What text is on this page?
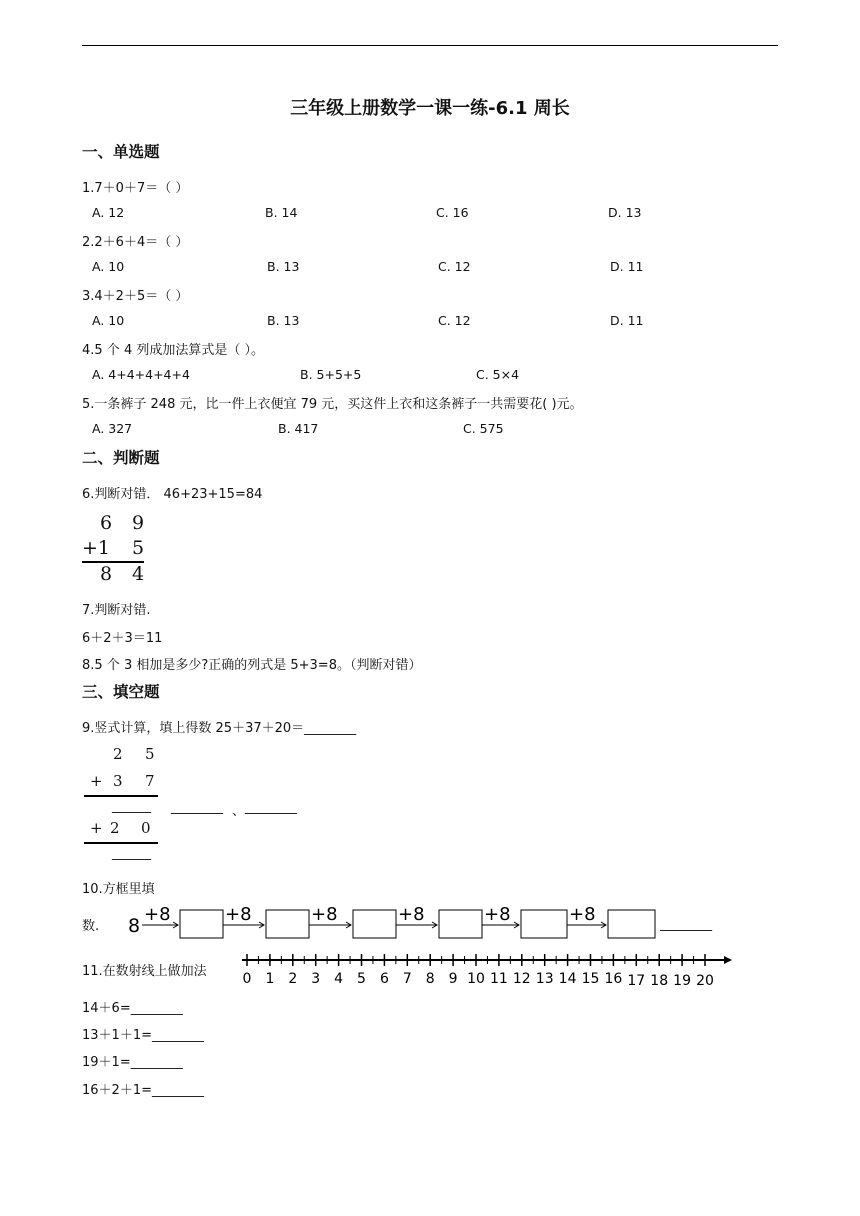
三年级上册数学一课一练-6.1 周长
一、单选题
1.7＋0＋7＝（ ）
A. 12	B. 14	C. 16	D. 13
2.2＋6＋4＝（ ）
A. 10	B. 13	C. 12	D. 11
3.4＋2＋5＝（ ）
A. 10	B. 13	C. 12	D. 11
4.5 个 4 列成加法算式是（ ）。
A. 4+4+4+4+4	B. 5+5+5	C. 5×4
5.一条裤子 248 元，比一件上衣便宜 79 元，买这件上衣和这条裤子一共需要花( )元。
A. 327	B. 417	C. 575
二、判断题
6.判断对错． 46+23+15=84
6 9
+1 5
8 4
7.判断对错.
6＋2＋3＝11
8.5 个 3 相加是多少?正确的列式是 5+3=8。（判断对错）
三、填空题
9.竖式计算，填上得数 25＋37＋20＝________
2 5
+ 3 7
______
+ 2 0
______
________ 、 ________
10.方框里填
数. 8
+8	+8	+8	+8	+8	+8	________
11.在数射线上做加法	0 1 2 3 4 5 6 7 8 9 10 11 12 13 14 15 16 17 18 19 20
14＋6=________
13＋1＋1=________
19＋1=________
16＋2＋1=________
